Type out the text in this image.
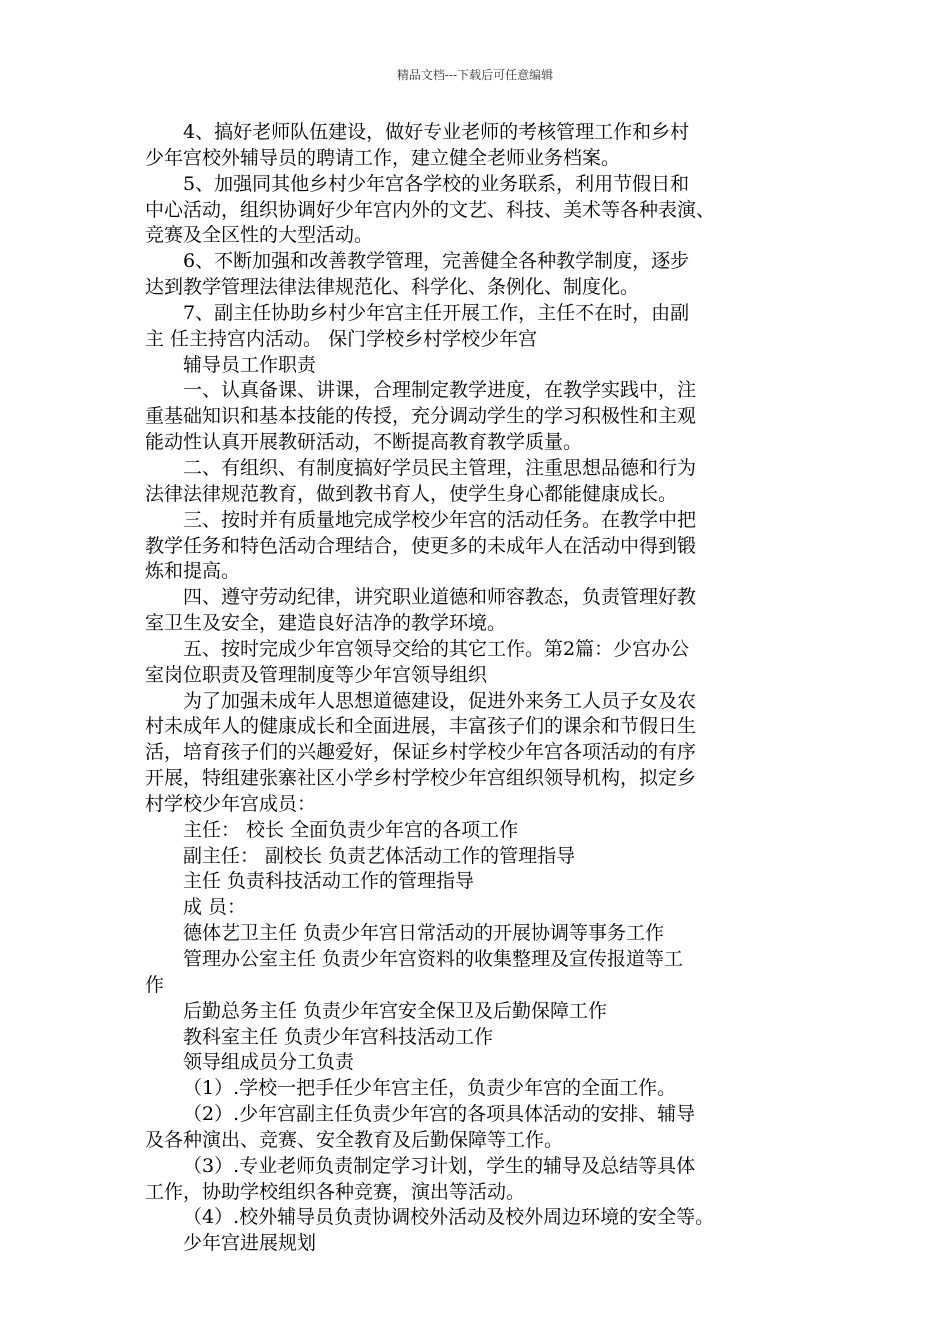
精品文档---下载后可任意编辑
4、搞好老师队伍建设，做好专业老师的考核管理工作和乡村
少年宫校外辅导员的聘请工作，建立健全老师业务档案。
5、加强同其他乡村少年宫各学校的业务联系，利用节假日和
中心活动，组织协调好少年宫内外的文艺、科技、美术等各种表演、
竞赛及全区性的大型活动。
6、不断加强和改善教学管理，完善健全各种教学制度，逐步
达到教学管理法律法律规范化、科学化、条例化、制度化。
7、副主任协助乡村少年宫主任开展工作，主任不在时，由副
主 任主持宫内活动。 保门学校乡村学校少年宫
辅导员工作职责
一、认真备课、讲课，合理制定教学进度，在教学实践中，注
重基础知识和基本技能的传授，充分调动学生的学习积极性和主观
能动性认真开展教研活动，不断提高教育教学质量。
二、有组织、有制度搞好学员民主管理，注重思想品德和行为
法律法律规范教育，做到教书育人，使学生身心都能健康成长。
三、按时并有质量地完成学校少年宫的活动任务。在教学中把
教学任务和特色活动合理结合，使更多的未成年人在活动中得到锻
炼和提高。
四、遵守劳动纪律，讲究职业道德和师容教态，负责管理好教
室卫生及安全，建造良好洁净的教学环境。
五、按时完成少年宫领导交给的其它工作。第2篇：少宫办公
室岗位职责及管理制度等少年宫领导组织
为了加强未成年人思想道德建设，促进外来务工人员子女及农
村未成年人的健康成长和全面进展，丰富孩子们的课余和节假日生
活，培育孩子们的兴趣爱好，保证乡村学校少年宫各项活动的有序
开展，特组建张寨社区小学乡村学校少年宫组织领导机构，拟定乡
村学校少年宫成员：
主任： 校长 全面负责少年宫的各项工作
副主任： 副校长 负责艺体活动工作的管理指导
主任 负责科技活动工作的管理指导
成 员：
德体艺卫主任 负责少年宫日常活动的开展协调等事务工作
管理办公室主任 负责少年宫资料的收集整理及宣传报道等工
作
后勤总务主任 负责少年宫安全保卫及后勤保障工作
教科室主任 负责少年宫科技活动工作
领导组成员分工负责
（1）.学校一把手任少年宫主任，负责少年宫的全面工作。
（2）.少年宫副主任负责少年宫的各项具体活动的安排、辅导
及各种演出、竞赛、安全教育及后勤保障等工作。
（3）.专业老师负责制定学习计划，学生的辅导及总结等具体
工作，协助学校组织各种竞赛，演出等活动。
（4）.校外辅导员负责协调校外活动及校外周边环境的安全等。
少年宫进展规划
